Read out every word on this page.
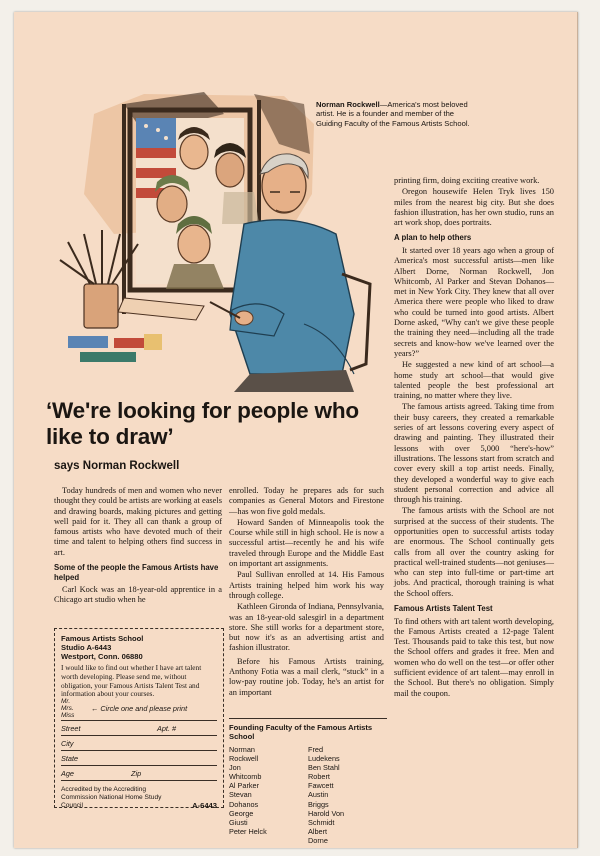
Norman Rockwell—America's most beloved artist. He is a founder and member of the Guiding Faculty of the Famous Artists School.
‘We're looking for people who like to draw’
says Norman Rockwell

Today hundreds of men and women who never thought they could be artists are working at easels and drawing boards, making pictures and getting well paid for it. They all can thank a group of famous artists who have devoted much of their time and talent to helping others find success in art.

Some of the people the Famous Artists have helped

Carl Kock was an 18-year-old apprentice in a Chicago art studio when he

enrolled. Today he prepares ads for such companies as General Motors and Firestone—has won five gold medals.

Howard Sanden of Minneapolis took the Course while still in high school. He is now a successful artist—recently he and his wife traveled through Europe and the Middle East on important art assignments.

Paul Sullivan enrolled at 14. His Famous Artists training helped him work his way through college.

Kathleen Gironda of Indiana, Pennsylvania, was an 18-year-old salesgirl in a department store. She still works for a department store, but now it's as an advertising artist and fashion illustrator.

Before his Famous Artists training, Anthony Fotia was a mail clerk, “stuck” in a low-pay routine job. Today, he's an artist for an important

printing firm, doing exciting creative work.

Oregon housewife Helen Tryk lives 150 miles from the nearest big city. But she does fashion illustration, has her own studio, runs an art work shop, does portraits.

A plan to help others

It started over 18 years ago when a group of America's most successful artists—men like Albert Dorne, Norman Rockwell, Jon Whitcomb, Al Parker and Stevan Dohanos—met in New York City. They knew that all over America there were people who liked to draw who could be turned into good artists. Albert Dorne asked, “Why can't we give these people the training they need—including all the trade secrets and know-how we've learned over the years?”

He suggested a new kind of art school—a home study art school—that would give talented people the best professional art training, no matter where they live.

The famous artists agreed. Taking time from their busy careers, they created a remarkable series of art lessons covering every aspect of drawing and painting. They illustrated their lessons with over 5,000 “here's-how” illustrations. The lessons start from scratch and cover every skill a top artist needs. Finally, they developed a wonderful way to give each student personal correction and advice all through his training.

The famous artists with the School are not surprised at the success of their students. The opportunities open to successful artists today are enormous. The School continually gets calls from all over the country asking for practical well-trained students—not geniuses—who can step into full-time or part-time art jobs. And practical, thorough training is what the School offers.

Famous Artists Talent Test

To find others with art talent worth developing, the Famous Artists created a 12-page Talent Test. Thousands paid to take this test, but now the School offers and grades it free. Men and women who do well on the test—or offer other sufficient evidence of art talent—may enroll in the School. But there's no obligation. Simply mail the coupon.

Famous Artists School
Studio A-6443
Westport, Conn. 06880
I would like to find out whether I have art talent worth developing. Please send me, without obligation, your Famous Artists Talent Test and information about your courses.
Mr. Mrs. Miss
← Circle one and please print
Street	Apt. #
City
State
Age	Zip
Accredited by the Accrediting Commission National Home Study Council	A-6443
Founding Faculty of the Famous Artists School
Norman Rockwell
Jon Whitcomb
Al Parker
Stevan Dohanos
George Giusti
Peter Helck
Fred Ludekens
Ben Stahl
Robert Fawcett
Austin Briggs
Harold Von Schmidt
Albert Dorne
